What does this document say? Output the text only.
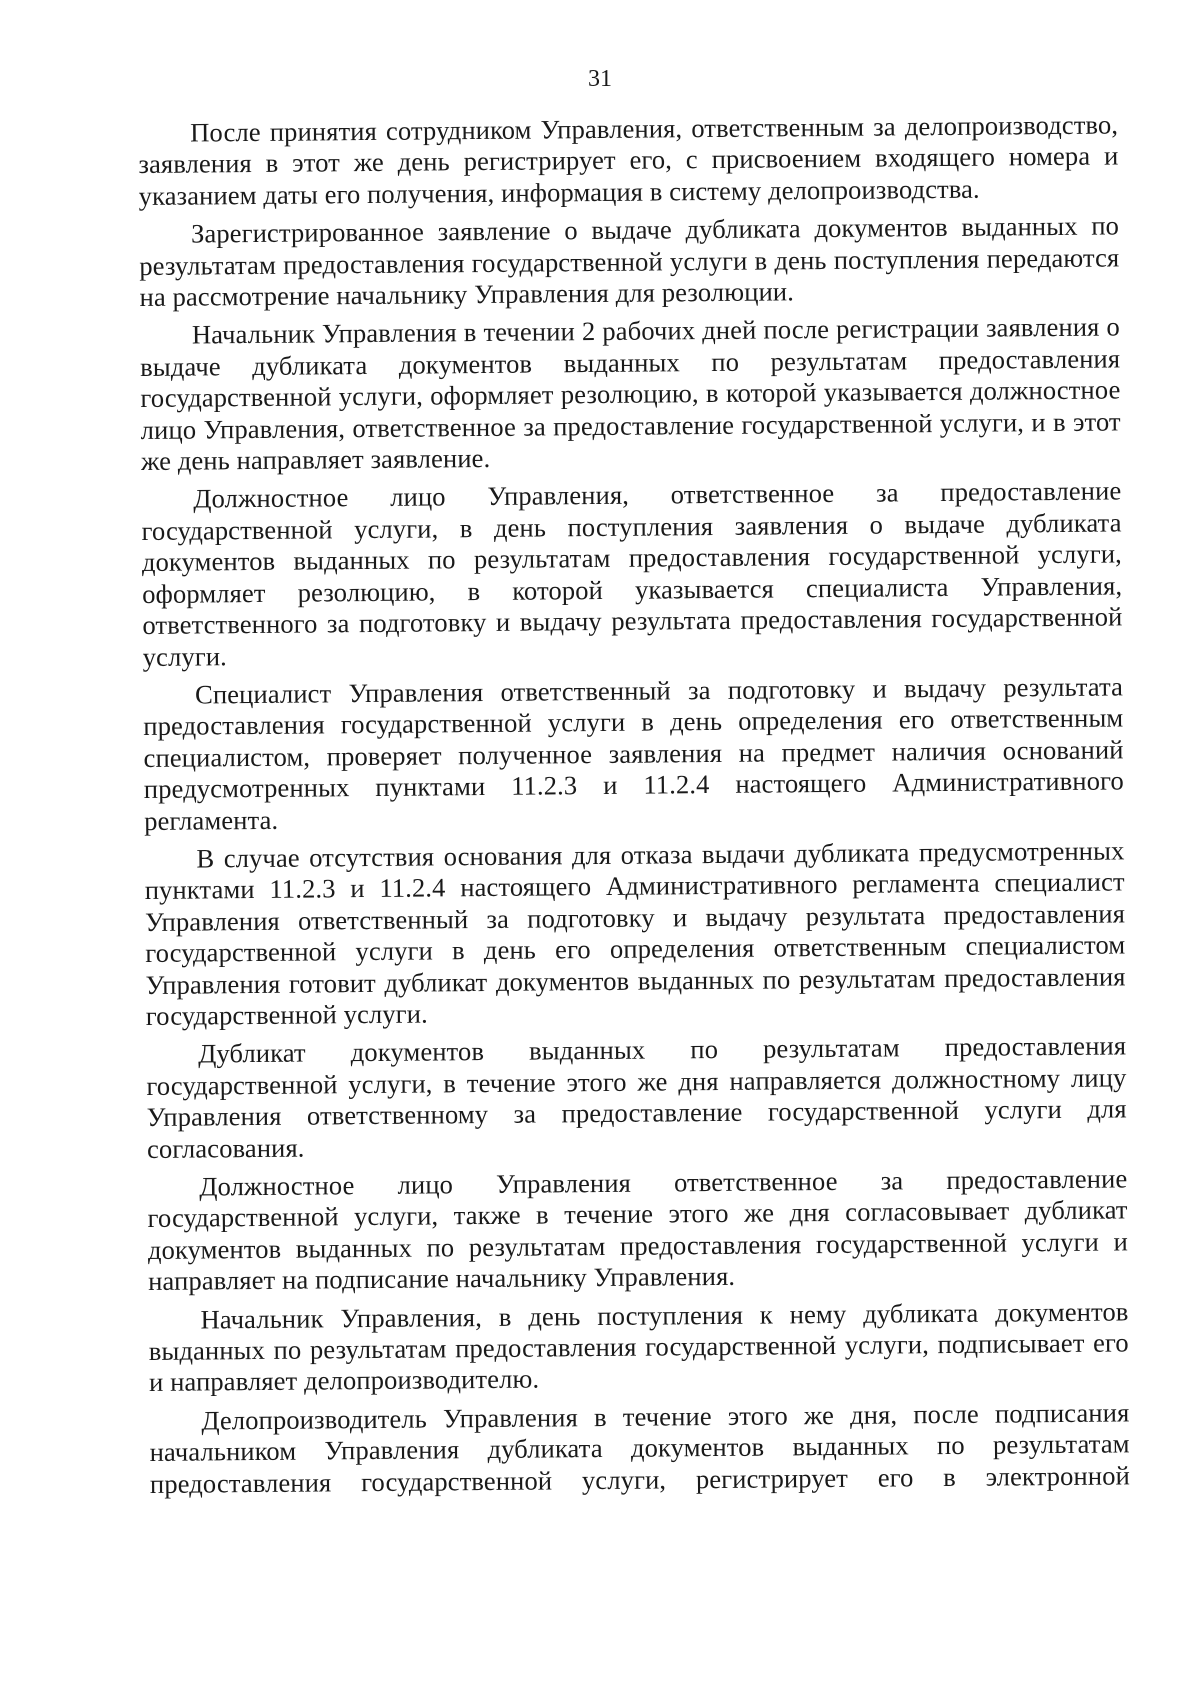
31

После принятия сотрудником Управления, ответственным за делопроизводство, заявления в этот же день регистрирует его, с присвоением входящего номера и указанием даты его получения, информация в систему делопроизводства.

Зарегистрированное заявление о выдаче дубликата документов выданных по результатам предоставления государственной услуги в день поступления передаются на рассмотрение начальнику Управления для резолюции.

Начальник Управления в течении 2 рабочих дней после регистрации заявления о выдаче дубликата документов выданных по результатам предоставления государственной услуги, оформляет резолюцию, в которой указывается должностное лицо Управления, ответственное за предоставление государственной услуги, и в этот же день направляет заявление.

Должностное лицо Управления, ответственное за предоставление государственной услуги, в день поступления заявления о выдаче дубликата документов выданных по результатам предоставления государственной услуги, оформляет резолюцию, в которой указывается специалиста Управления, ответственного за подготовку и выдачу результата предоставления государственной услуги.

Специалист Управления ответственный за подготовку и выдачу результата предоставления государственной услуги в день определения его ответственным специалистом, проверяет полученное заявления на предмет наличия оснований предусмотренных пунктами 11.2.3 и 11.2.4 настоящего Административного регламента.

В случае отсутствия основания для отказа выдачи дубликата предусмотренных пунктами 11.2.3 и 11.2.4 настоящего Административного регламента специалист Управления ответственный за подготовку и выдачу результата предоставления государственной услуги в день его определения ответственным специалистом Управления готовит дубликат документов выданных по результатам предоставления государственной услуги.

Дубликат документов выданных по результатам предоставления государственной услуги, в течение этого же дня направляется должностному лицу Управления ответственному за предоставление государственной услуги для согласования.

Должностное лицо Управления ответственное за предоставление государственной услуги, также в течение этого же дня согласовывает дубликат документов выданных по результатам предоставления государственной услуги и направляет на подписание начальнику Управления.

Начальник Управления, в день поступления к нему дубликата документов выданных по результатам предоставления государственной услуги, подписывает его и направляет делопроизводителю.

Делопроизводитель Управления в течение этого же дня, после подписания начальником Управления дубликата документов выданных по результатам предоставления государственной услуги, регистрирует его в электронной
